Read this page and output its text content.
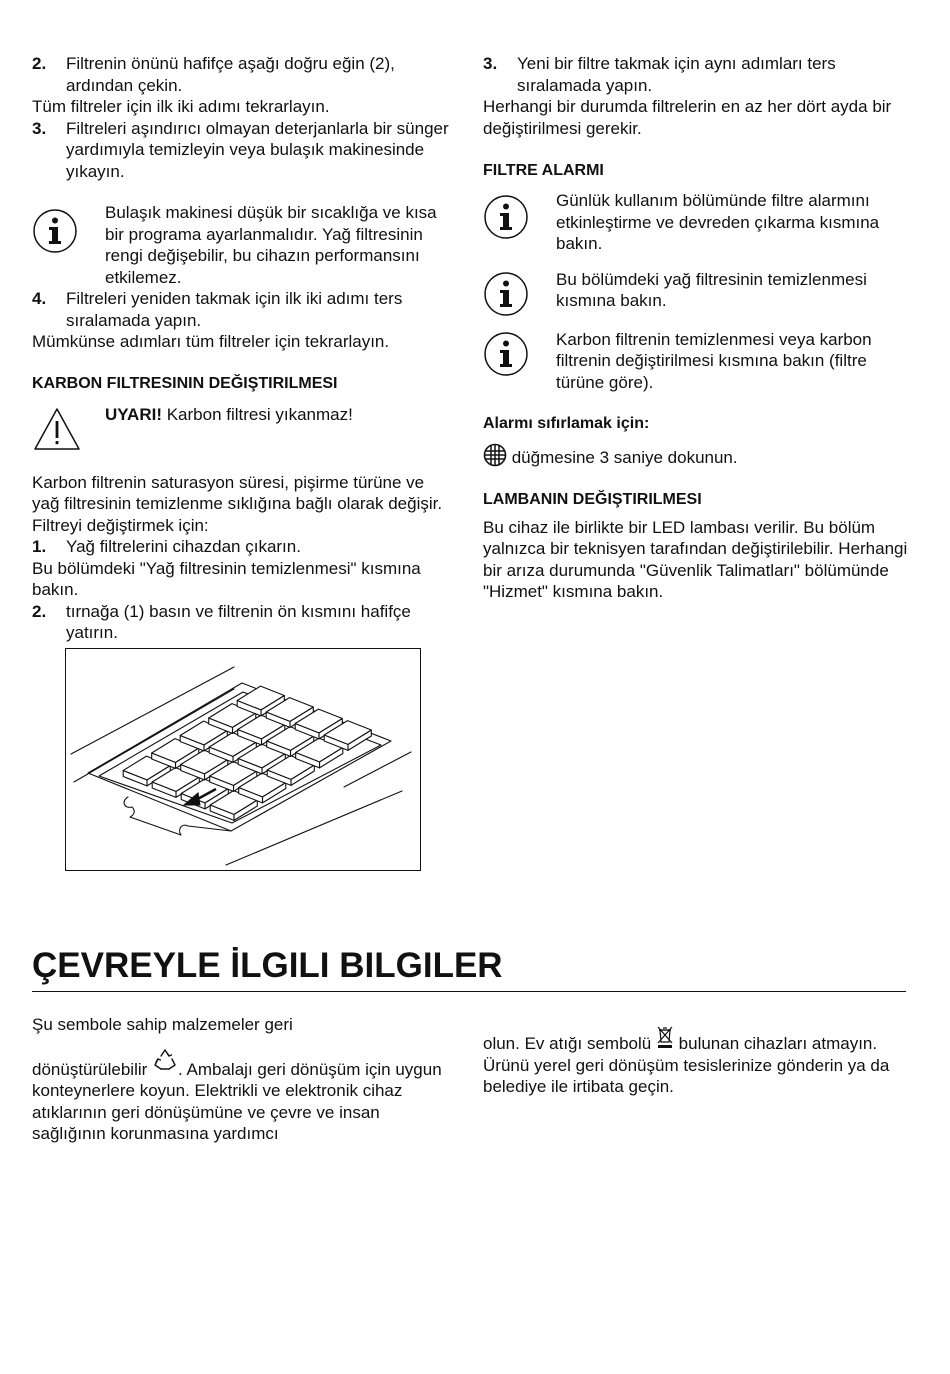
2.	Filtrenin önünü hafifçe aşağı doğru eğin (2), ardından çekin.

Tüm filtreler için ilk iki adımı tekrarlayın.

3.	Filtreleri aşındırıcı olmayan deterjanlarla bir sünger yardımıyla temizleyin veya bulaşık makinesinde yıkayın.
Bulaşık makinesi düşük bir sıcaklığa ve kısa bir programa ayarlanmalıdır. Yağ filtresinin rengi değişebilir, bu cihazın performansını etkilemez.
4.	Filtreleri yeniden takmak için ilk iki adımı ters sıralamada yapın.

Mümkünse adımları tüm filtreler için tekrarlayın.

KARBON FILTRESININ DEĞIŞTIRILMESI
UYARI! Karbon filtresi yıkanmaz!

Karbon filtrenin saturasyon süresi, pişirme türüne ve yağ filtresinin temizlenme sıklığına bağlı olarak değişir.

Filtreyi değiştirmek için:

1.	Yağ filtrelerini cihazdan çıkarın.

Bu bölümdeki "Yağ filtresinin temizlenmesi" kısmına bakın.

2.	tırnağa (1) basın ve filtrenin ön kısmını hafifçe yatırın.
3.	Yeni bir filtre takmak için aynı adımları ters sıralamada yapın.

Herhangi bir durumda filtrelerin en az her dört ayda bir değiştirilmesi gerekir.

FILTRE ALARMI
Günlük kullanım bölümünde filtre alarmını etkinleştirme ve devreden çıkarma kısmına bakın.
Bu bölümdeki yağ filtresinin temizlenmesi kısmına bakın.
Karbon filtrenin temizlenmesi veya karbon filtrenin değiştirilmesi kısmına bakın (filtre türüne göre).
Alarmı sıfırlamak için:

düğmesine 3 saniye dokunun.

LAMBANIN DEĞIŞTIRILMESI

Bu cihaz ile birlikte bir LED lambası verilir. Bu bölüm yalnızca bir teknisyen tarafından değiştirilebilir. Herhangi bir arıza durumunda "Güvenlik Talimatları" bölümünde "Hizmet" kısmına bakın.

ÇEVREYLE İLGILI BILGILER

Şu sembole sahip malzemeler geri

dönüştürülebilir . Ambalajı geri dönüşüm için uygun konteynerlere koyun. Elektrikli ve elektronik cihaz atıklarının geri dönüşümüne ve çevre ve insan sağlığının korunmasına yardımcı

olun. Ev atığı sembolü  bulunan cihazları atmayın. Ürünü yerel geri dönüşüm tesislerinize gönderin ya da belediye ile irtibata geçin.
